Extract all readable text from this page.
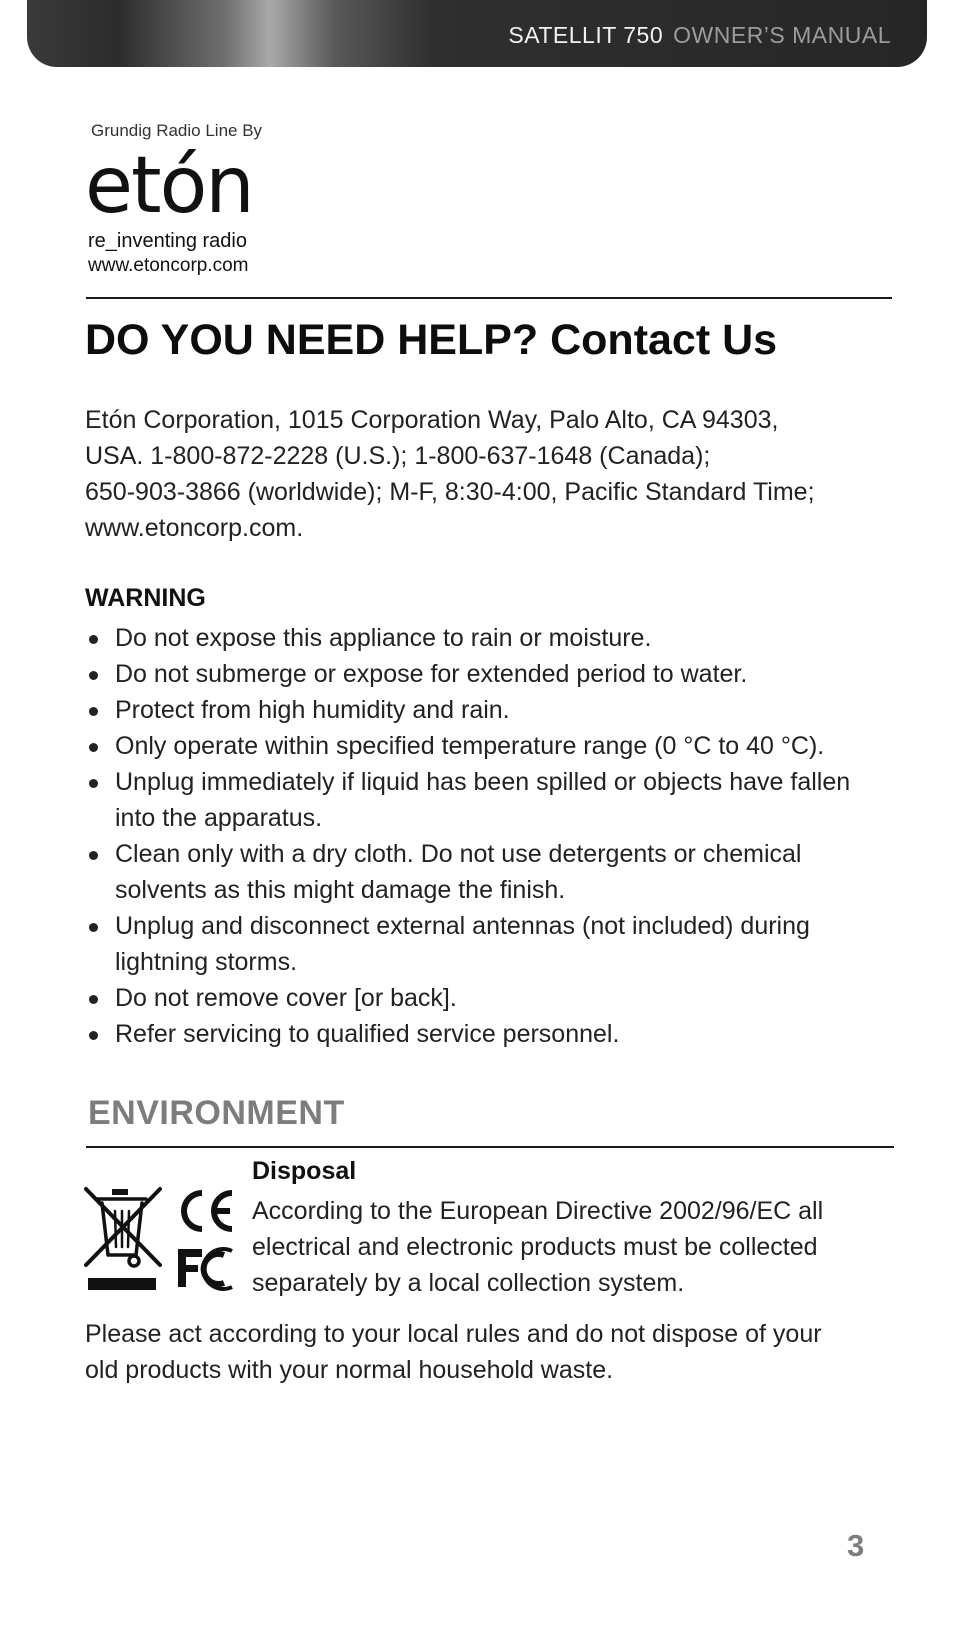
SATELLIT 750 OWNER’S MANUAL
Grundig Radio Line By
etón
re_inventing radio
www.etoncorp.com
DO YOU NEED HELP? Contact Us
Etón Corporation, 1015 Corporation Way, Palo Alto, CA 94303,
USA. 1-800-872-2228 (U.S.); 1-800-637-1648 (Canada);
650-903-3866 (worldwide); M-F, 8:30-4:00, Pacific Standard Time;
www.etoncorp.com.
WARNING
Do not expose this appliance to rain or moisture.
Do not submerge or expose for extended period to water.
Protect from high humidity and rain.
Only operate within specified temperature range (0 °C to 40 °C).
Unplug immediately if liquid has been spilled or objects have fallen into the apparatus.
Clean only with a dry cloth. Do not use detergents or chemical solvents as this might damage the finish.
Unplug and disconnect external antennas (not included) during lightning storms.
Do not remove cover [or back].
Refer servicing to qualified service personnel.
ENVIRONMENT
Disposal
According to the European Directive 2002/96/EC all
electrical and electronic products must be collected
separately by a local collection system.
Please act according to your local rules and do not dispose of your
old products with your normal household waste.
3
